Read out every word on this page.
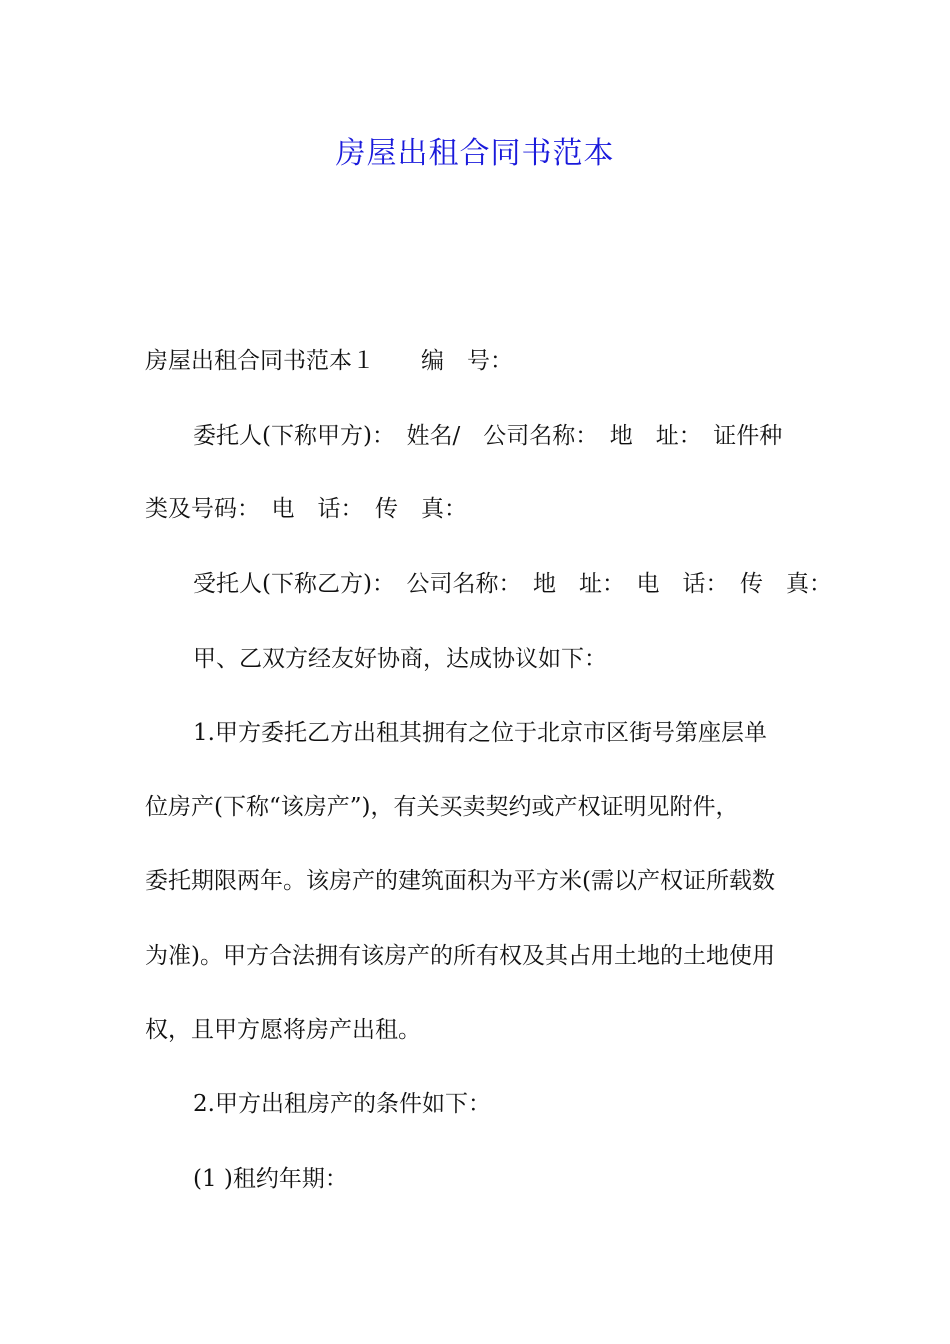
房屋出租合同书范本

房屋出租合同书范本１　　编　号：

委托人(下称甲方)：　姓名/　公司名称：　地　址：　证件种

类及号码：　电　话：　传　真：

受托人(下称乙方)：　公司名称：　地　址：　电　话：　传　真：

甲、乙双方经友好协商，达成协议如下：

1.甲方委托乙方出租其拥有之位于北京市区街号第座层单

位房产(下称“该房产”)，有关买卖契约或产权证明见附件，

委托期限两年。该房产的建筑面积为平方米(需以产权证所载数

为准)。甲方合法拥有该房产的所有权及其占用土地的土地使用

权，且甲方愿将房产出租。

2.甲方出租房产的条件如下：

(1 )租约年期：
